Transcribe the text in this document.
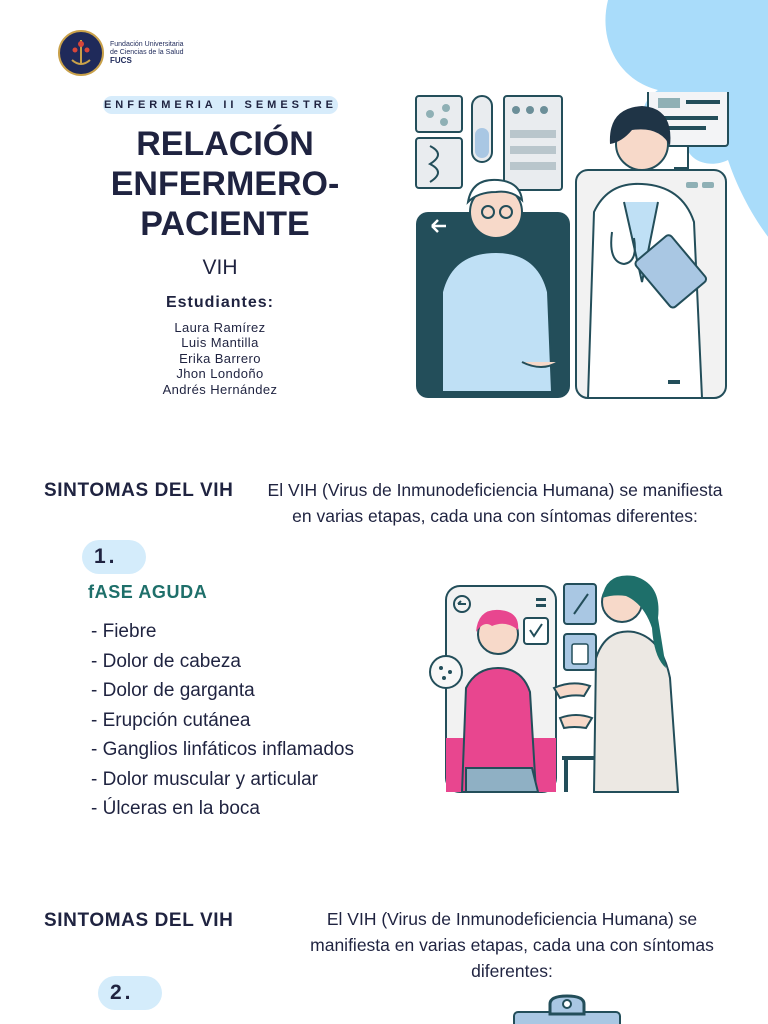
Fundación Universitaria
de Ciencias de la Salud
FUCS
ENFERMERIA II SEMESTRE
RELACIÓN
ENFERMERO-
PACIENTE
VIH
Estudiantes:
Laura Ramírez
Luis Mantilla
Erika Barrero
Jhon Londoño
Andrés Hernández
SINTOMAS DEL VIH	El VIH (Virus de Inmunodeficiencia Humana) se manifiesta en varias etapas, cada una con síntomas diferentes:
1.
fASE AGUDA
- Fiebre
- Dolor de cabeza
- Dolor de garganta
- Erupción cutánea
- Ganglios linfáticos inflamados
- Dolor muscular y articular
- Úlceras en la boca
SINTOMAS DEL VIH	El VIH (Virus de Inmunodeficiencia Humana) se manifiesta en varias etapas, cada una con síntomas diferentes:
2.
